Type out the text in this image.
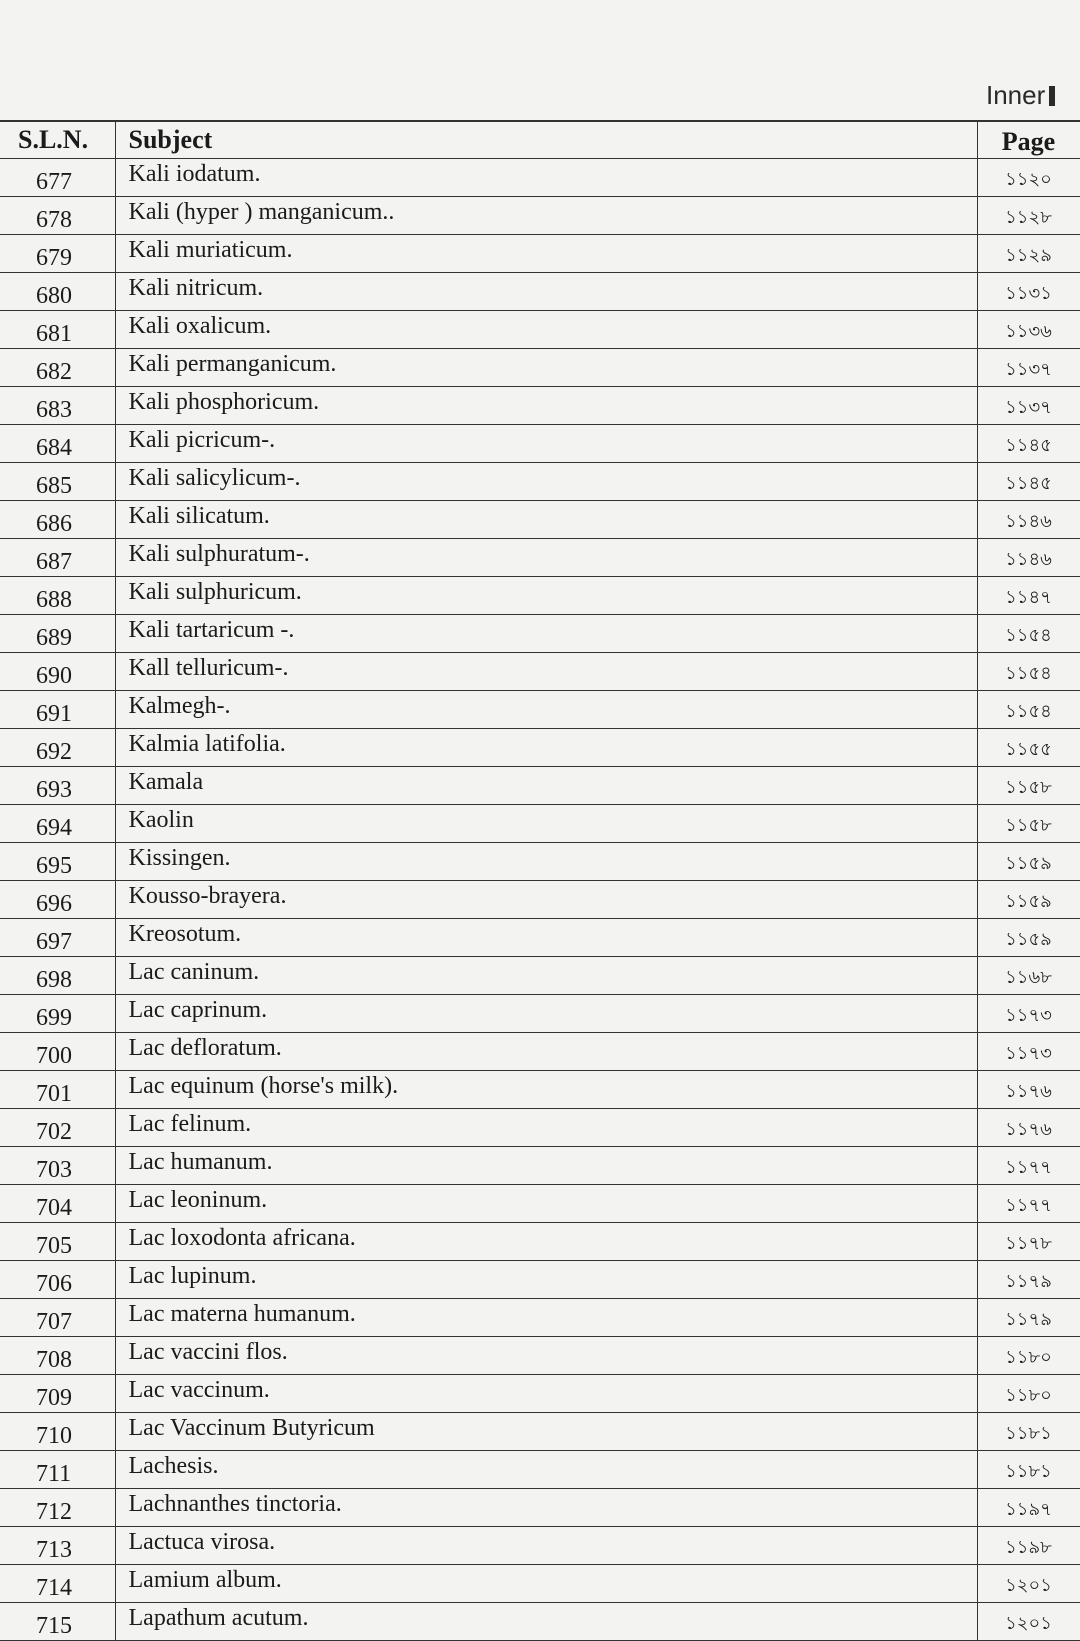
Inner
S.L.N.	Subject	Page
677	Kali iodatum.	১১২০
678	Kali (hyper ) manganicum..	১১২৮
679	Kali muriaticum.	১১২৯
680	Kali nitricum.	১১৩১
681	Kali oxalicum.	১১৩৬
682	Kali permanganicum.	১১৩৭
683	Kali phosphoricum.	১১৩৭
684	Kali picricum-.	১১৪৫
685	Kali salicylicum-.	১১৪৫
686	Kali silicatum.	১১৪৬
687	Kali sulphuratum-.	১১৪৬
688	Kali sulphuricum.	১১৪৭
689	Kali tartaricum -.	১১৫৪
690	Kall telluricum-.	১১৫৪
691	Kalmegh-.	১১৫৪
692	Kalmia latifolia.	১১৫৫
693	Kamala	১১৫৮
694	Kaolin	১১৫৮
695	Kissingen.	১১৫৯
696	Kousso-brayera.	১১৫৯
697	Kreosotum.	১১৫৯
698	Lac caninum.	১১৬৮
699	Lac caprinum.	১১৭৩
700	Lac defloratum.	১১৭৩
701	Lac equinum (horse's milk).	১১৭৬
702	Lac felinum.	১১৭৬
703	Lac humanum.	১১৭৭
704	Lac leoninum.	১১৭৭
705	Lac loxodonta africana.	১১৭৮
706	Lac lupinum.	১১৭৯
707	Lac materna humanum.	১১৭৯
708	Lac vaccini flos.	১১৮০
709	Lac vaccinum.	১১৮০
710	Lac Vaccinum Butyricum	১১৮১
711	Lachesis.	১১৮১
712	Lachnanthes tinctoria.	১১৯৭
713	Lactuca virosa.	১১৯৮
714	Lamium album.	১২০১
715	Lapathum acutum.	১২০১
